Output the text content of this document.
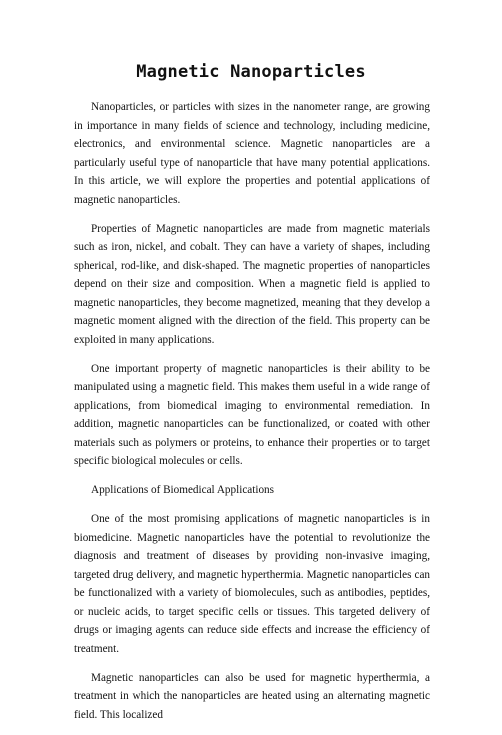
Magnetic Nanoparticles

Nanoparticles, or particles with sizes in the nanometer range, are growing in importance in many fields of science and technology, including medicine, electronics, and environmental science. Magnetic nanoparticles are a particularly useful type of nanoparticle that have many potential applications. In this article, we will explore the properties and potential applications of magnetic nanoparticles.

Properties of Magnetic nanoparticles are made from magnetic materials such as iron, nickel, and cobalt. They can have a variety of shapes, including spherical, rod-like, and disk-shaped. The magnetic properties of nanoparticles depend on their size and composition. When a magnetic field is applied to magnetic nanoparticles, they become magnetized, meaning that they develop a magnetic moment aligned with the direction of the field. This property can be exploited in many applications.

One important property of magnetic nanoparticles is their ability to be manipulated using a magnetic field. This makes them useful in a wide range of applications, from biomedical imaging to environmental remediation. In addition, magnetic nanoparticles can be functionalized, or coated with other materials such as polymers or proteins, to enhance their properties or to target specific biological molecules or cells.

Applications of Biomedical Applications

One of the most promising applications of magnetic nanoparticles is in biomedicine. Magnetic nanoparticles have the potential to revolutionize the diagnosis and treatment of diseases by providing non-invasive imaging, targeted drug delivery, and magnetic hyperthermia. Magnetic nanoparticles can be functionalized with a variety of biomolecules, such as antibodies, peptides, or nucleic acids, to target specific cells or tissues. This targeted delivery of drugs or imaging agents can reduce side effects and increase the efficiency of treatment.

Magnetic nanoparticles can also be used for magnetic hyperthermia, a treatment in which the nanoparticles are heated using an alternating magnetic field. This localized
